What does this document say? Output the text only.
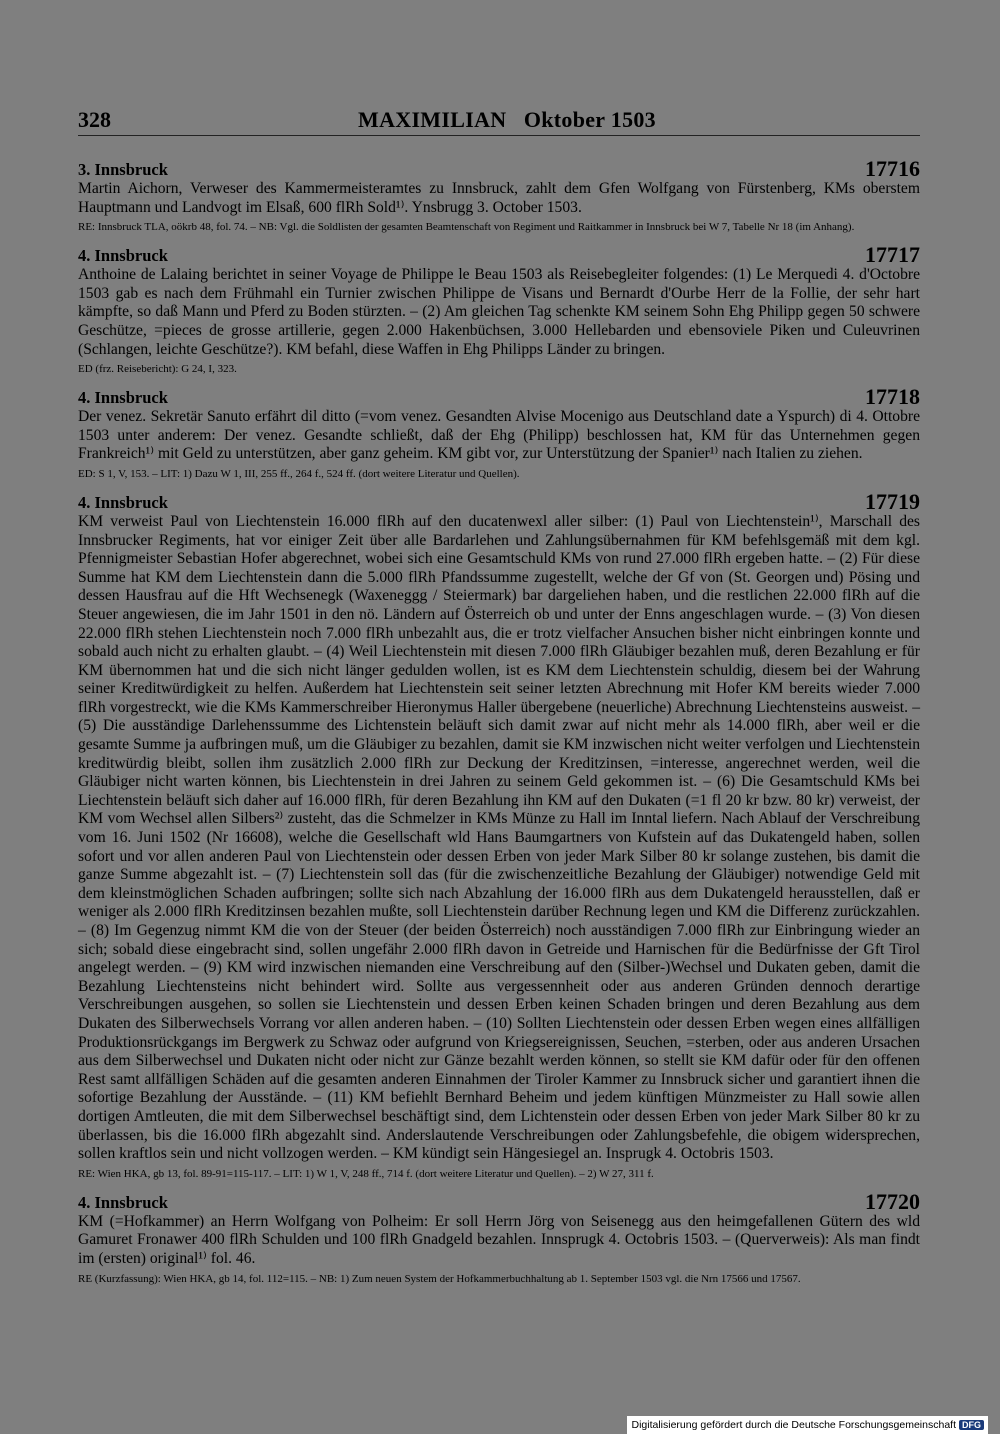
328	MAXIMILIAN   Oktober 1503
3. Innsbruck	17716
Martin Aichorn, Verweser des Kammermeisteramtes zu Innsbruck, zahlt dem Gfen Wolfgang von Fürstenberg, KMs oberstem Hauptmann und Landvogt im Elsaß, 600 flRh Sold¹⁾. Ynsbrugg 3. October 1503.
RE: Innsbruck TLA, oökrb 48, fol. 74. – NB: Vgl. die Soldlisten der gesamten Beamtenschaft von Regiment und Raitkammer in Innsbruck bei W 7, Tabelle Nr 18 (im Anhang).
4. Innsbruck	17717
Anthoine de Lalaing berichtet in seiner Voyage de Philippe le Beau 1503 als Reisebegleiter folgendes: (1) Le Merquedi 4. d'Octobre 1503 gab es nach dem Frühmahl ein Turnier zwischen Philippe de Visans und Bernardt d'Ourbe Herr de la Follie, der sehr hart kämpfte, so daß Mann und Pferd zu Boden stürzten. – (2) Am gleichen Tag schenkte KM seinem Sohn Ehg Philipp gegen 50 schwere Geschütze, =pieces de grosse artillerie, gegen 2.000 Hakenbüchsen, 3.000 Hellebarden und ebensoviele Piken und Culeuvrinen (Schlangen, leichte Geschütze?). KM befahl, diese Waffen in Ehg Philipps Länder zu bringen.
ED (frz. Reisebericht): G 24, I, 323.
4. Innsbruck	17718
Der venez. Sekretär Sanuto erfährt dil ditto (=vom venez. Gesandten Alvise Mocenigo aus Deutschland date a Yspurch) di 4. Ottobre 1503 unter anderem: Der venez. Gesandte schließt, daß der Ehg (Philipp) beschlossen hat, KM für das Unternehmen gegen Frankreich¹⁾ mit Geld zu unterstützen, aber ganz geheim. KM gibt vor, zur Unterstützung der Spanier¹⁾ nach Italien zu ziehen.
ED: S 1, V, 153. – LIT: 1) Dazu W 1, III, 255 ff., 264 f., 524 ff. (dort weitere Literatur und Quellen).
4. Innsbruck	17719
KM verweist Paul von Liechtenstein 16.000 flRh auf den ducatenwexl aller silber: (1) Paul von Liechtenstein¹⁾, Marschall des Innsbrucker Regiments, hat vor einiger Zeit über alle Bardarlehen und Zahlungsübernahmen für KM befehlsgemäß mit dem kgl. Pfennigmeister Sebastian Hofer abgerechnet, wobei sich eine Gesamtschuld KMs von rund 27.000 flRh ergeben hatte. – (2) Für diese Summe hat KM dem Liechtenstein dann die 5.000 flRh Pfandssumme zugestellt, welche der Gf von (St. Georgen und) Pösing und dessen Hausfrau auf die Hft Wechsenegk (Waxeneggg / Steiermark) bar dargeliehen haben, und die restlichen 22.000 flRh auf die Steuer angewiesen, die im Jahr 1501 in den nö. Ländern auf Österreich ob und unter der Enns angeschlagen wurde. – (3) Von diesen 22.000 flRh stehen Liechtenstein noch 7.000 flRh unbezahlt aus, die er trotz vielfacher Ansuchen bisher nicht einbringen konnte und sobald auch nicht zu erhalten glaubt. – (4) Weil Liechtenstein mit diesen 7.000 flRh Gläubiger bezahlen muß, deren Bezahlung er für KM übernommen hat und die sich nicht länger gedulden wollen, ist es KM dem Liechtenstein schuldig, diesem bei der Wahrung seiner Kreditwürdigkeit zu helfen. Außerdem hat Liechtenstein seit seiner letzten Abrechnung mit Hofer KM bereits wieder 7.000 flRh vorgestreckt, wie die KMs Kammerschreiber Hieronymus Haller übergebene (neuerliche) Abrechnung Liechtensteins ausweist. – (5) Die ausständige Darlehenssumme des Lichtenstein beläuft sich damit zwar auf nicht mehr als 14.000 flRh, aber weil er die gesamte Summe ja aufbringen muß, um die Gläubiger zu bezahlen, damit sie KM inzwischen nicht weiter verfolgen und Liechtenstein kreditwürdig bleibt, sollen ihm zusätzlich 2.000 flRh zur Deckung der Kreditzinsen, =interesse, angerechnet werden, weil die Gläubiger nicht warten können, bis Liechtenstein in drei Jahren zu seinem Geld gekommen ist. – (6) Die Gesamtschuld KMs bei Liechtenstein beläuft sich daher auf 16.000 flRh, für deren Bezahlung ihn KM auf den Dukaten (=1 fl 20 kr bzw. 80 kr) verweist, der KM vom Wechsel allen Silbers²⁾ zusteht, das die Schmelzer in KMs Münze zu Hall im Inntal liefern. Nach Ablauf der Verschreibung vom 16. Juni 1502 (Nr 16608), welche die Gesellschaft wld Hans Baumgartners von Kufstein auf das Dukatengeld haben, sollen sofort und vor allen anderen Paul von Liechtenstein oder dessen Erben von jeder Mark Silber 80 kr solange zustehen, bis damit die ganze Summe abgezahlt ist. – (7) Liechtenstein soll das (für die zwischenzeitliche Bezahlung der Gläubiger) notwendige Geld mit dem kleinstmöglichen Schaden aufbringen; sollte sich nach Abzahlung der 16.000 flRh aus dem Dukatengeld herausstellen, daß er weniger als 2.000 flRh Kreditzinsen bezahlen mußte, soll Liechtenstein darüber Rechnung legen und KM die Differenz zurückzahlen. – (8) Im Gegenzug nimmt KM die von der Steuer (der beiden Österreich) noch ausständigen 7.000 flRh zur Einbringung wieder an sich; sobald diese eingebracht sind, sollen ungefähr 2.000 flRh davon in Getreide und Harnischen für die Bedürfnisse der Gft Tirol angelegt werden. – (9) KM wird inzwischen niemanden eine Verschreibung auf den (Silber-)Wechsel und Dukaten geben, damit die Bezahlung Liechtensteins nicht behindert wird. Sollte aus vergessennheit oder aus anderen Gründen dennoch derartige Verschreibungen ausgehen, so sollen sie Liechtenstein und dessen Erben keinen Schaden bringen und deren Bezahlung aus dem Dukaten des Silberwechsels Vorrang vor allen anderen haben. – (10) Sollten Liechtenstein oder dessen Erben wegen eines allfälligen Produktionsrückgangs im Bergwerk zu Schwaz oder aufgrund von Kriegsereignissen, Seuchen, =sterben, oder aus anderen Ursachen aus dem Silberwechsel und Dukaten nicht oder nicht zur Gänze bezahlt werden können, so stellt sie KM dafür oder für den offenen Rest samt allfälligen Schäden auf die gesamten anderen Einnahmen der Tiroler Kammer zu Innsbruck sicher und garantiert ihnen die sofortige Bezahlung der Ausstände. – (11) KM befiehlt Bernhard Beheim und jedem künftigen Münzmeister zu Hall sowie allen dortigen Amtleuten, die mit dem Silberwechsel beschäftigt sind, dem Lichtenstein oder dessen Erben von jeder Mark Silber 80 kr zu überlassen, bis die 16.000 flRh abgezahlt sind. Anderslautende Verschreibungen oder Zahlungsbefehle, die obigem widersprechen, sollen kraftlos sein und nicht vollzogen werden. – KM kündigt sein Hängesiegel an. Insprugk 4. Octobris 1503.
RE: Wien HKA, gb 13, fol. 89-91=115-117. – LIT: 1) W 1, V, 248 ff., 714 f. (dort weitere Literatur und Quellen). – 2) W 27, 311 f.
4. Innsbruck	17720
KM (=Hofkammer) an Herrn Wolfgang von Polheim: Er soll Herrn Jörg von Seisenegg aus den heimgefallenen Gütern des wld Gamuret Fronawer 400 flRh Schulden und 100 flRh Gnadgeld bezahlen. Innsprugk 4. Octobris 1503. – (Querverweis): Als man findt im (ersten) original¹⁾ fol. 46.
RE (Kurzfassung): Wien HKA, gb 14, fol. 112=115. – NB: 1) Zum neuen System der Hofkammerbuchhaltung ab 1. September 1503 vgl. die Nrn 17566 und 17567.
Digitalisierung gefördert durch die Deutsche Forschungsgemeinschaft DFG
